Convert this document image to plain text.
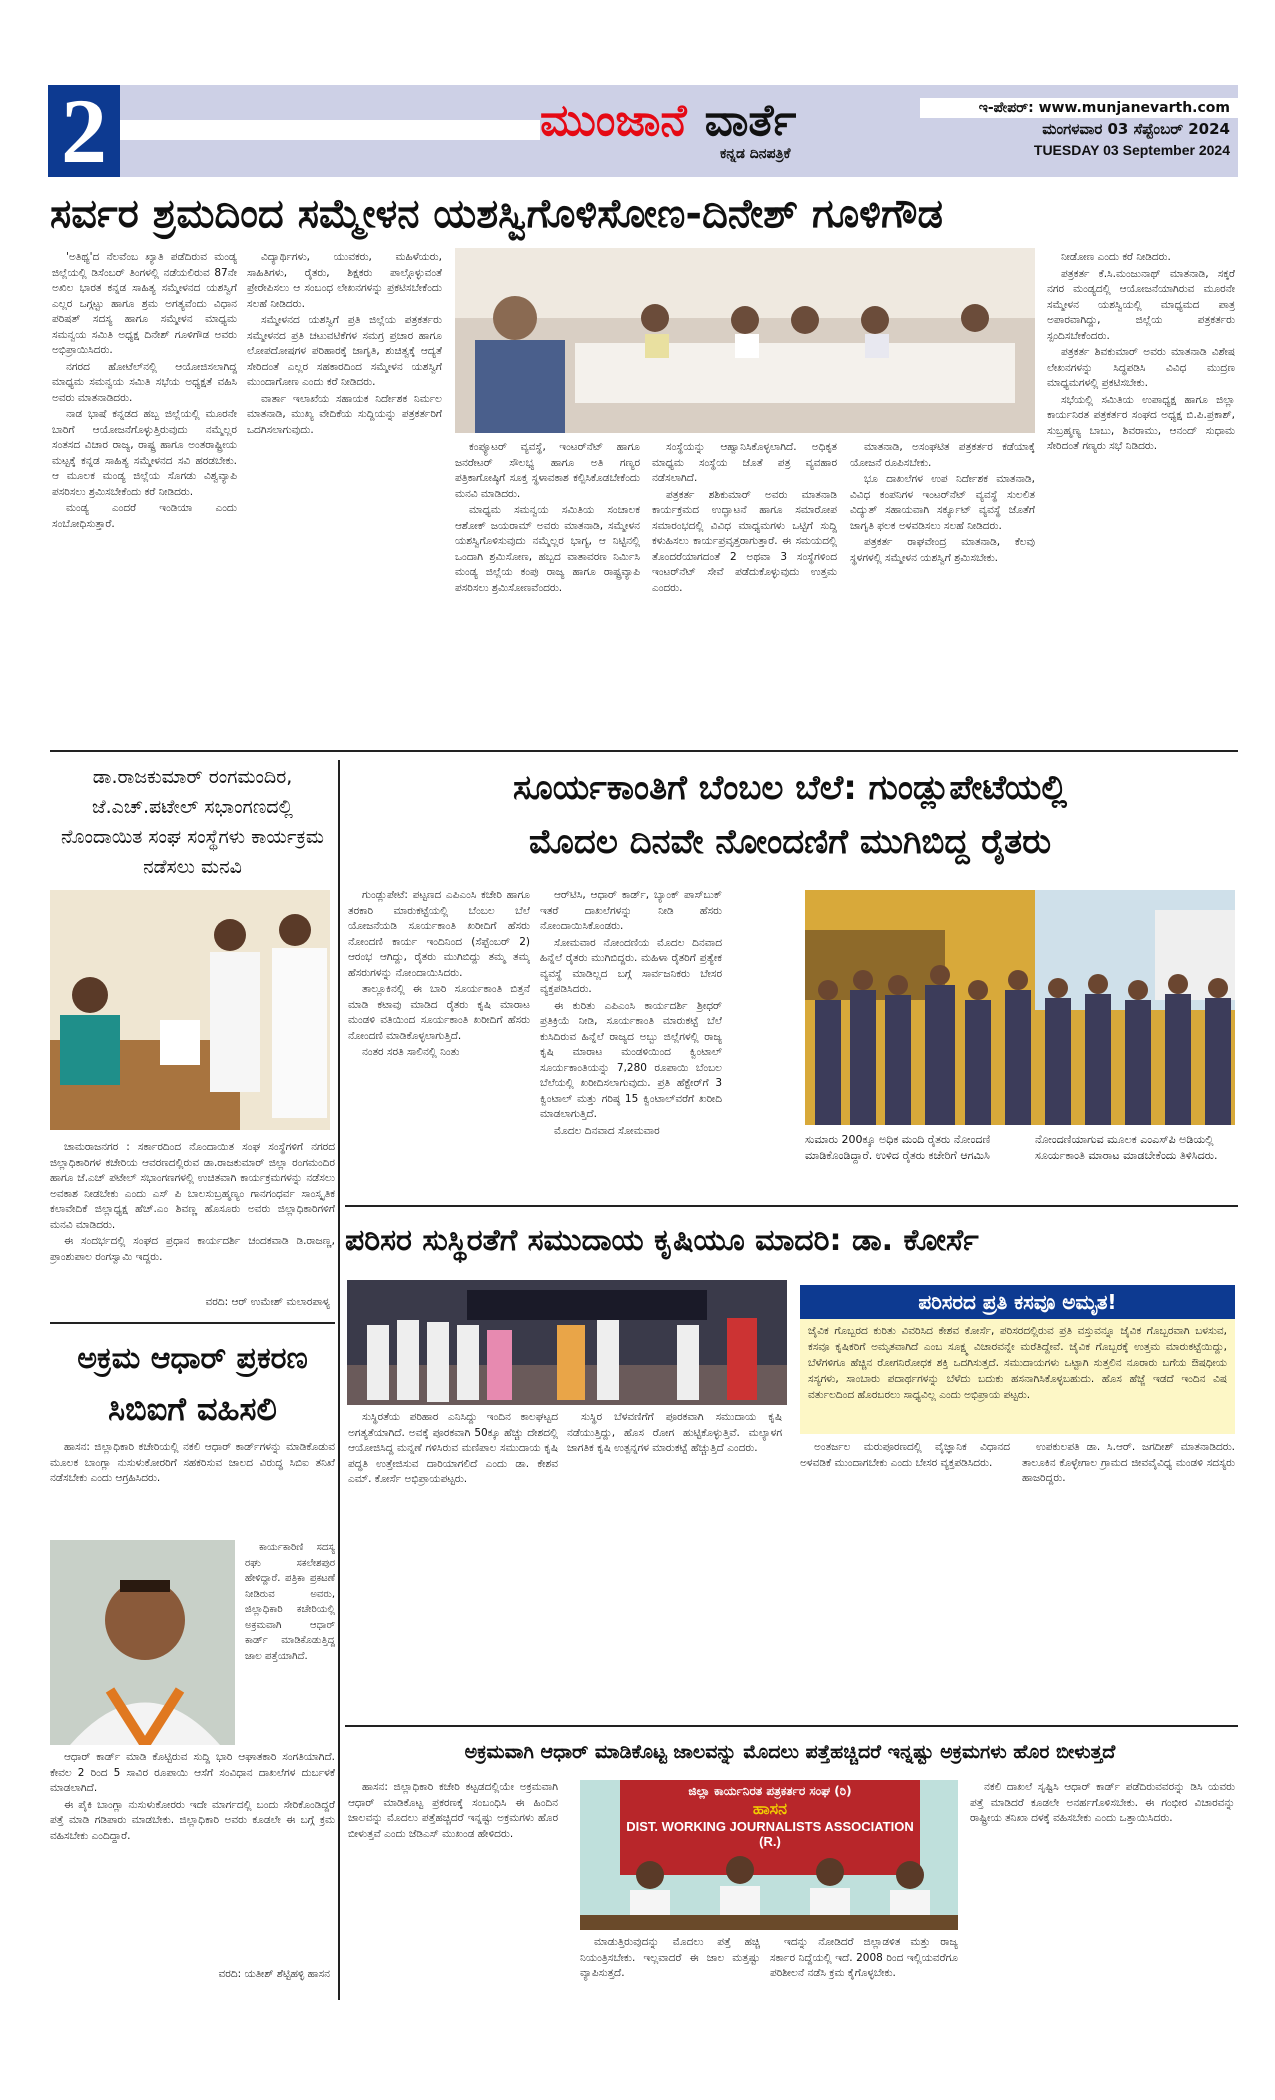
2	ಮುಂಜಾನೆ ವಾರ್ತೆ
ಕನ್ನಡ ದಿನಪತ್ರಿಕೆ
ಇ-ಪೇಪರ್: www.munjanevarth.com
ಮಂಗಳವಾರ 03 ಸೆಪ್ಟೆಂಬರ್ 2024
TUESDAY 03 September 2024
ಸರ್ವರ ಶ್ರಮದಿಂದ ಸಮ್ಮೇಳನ ಯಶಸ್ವಿಗೊಳಿಸೋಣ-ದಿನೇಶ್ ಗೂಳಿಗೌಡ

'ಅತಿಥ್ಯ'ದ ನೆಲವೆಂಬ ಖ್ಯಾತಿ ಪಡೆದಿರುವ ಮಂಡ್ಯ ಜಿಲ್ಲೆಯಲ್ಲಿ ಡಿಸೆಂಬರ್ ತಿಂಗಳಲ್ಲಿ ನಡೆಯಲಿರುವ 87ನೇ ಅಖಿಲ ಭಾರತ ಕನ್ನಡ ಸಾಹಿತ್ಯ ಸಮ್ಮೇಳನದ ಯಶಸ್ವಿಗೆ ಎಲ್ಲರ ಒಗ್ಗಟ್ಟು ಹಾಗೂ ಶ್ರಮ ಅಗತ್ಯವೆಂದು ವಿಧಾನ ಪರಿಷತ್ ಸದಸ್ಯ ಹಾಗೂ ಸಮ್ಮೇಳನ ಮಾಧ್ಯಮ ಸಮನ್ವಯ ಸಮಿತಿ ಅಧ್ಯಕ್ಷ ದಿನೇಶ್ ಗೂಳಿಗೌಡ ಅವರು ಅಭಿಪ್ರಾಯಿಸಿದರು.

ನಗರದ ಹೋಟೆಲ್‌ನಲ್ಲಿ ಆಯೋಜಿಸಲಾಗಿದ್ದ ಮಾಧ್ಯಮ ಸಮನ್ವಯ ಸಮಿತಿ ಸಭೆಯ ಅಧ್ಯಕ್ಷತೆ ವಹಿಸಿ ಅವರು ಮಾತನಾಡಿದರು.

ನಾಡ ಭಾಷೆ ಕನ್ನಡದ ಹಬ್ಬ ಜಿಲ್ಲೆಯಲ್ಲಿ ಮೂರನೇ ಬಾರಿಗೆ ಆಯೋಜನೆಗೊಳ್ಳುತ್ತಿರುವುದು ನಮ್ಮೆಲ್ಲರ ಸಂತಸದ ವಿಚಾರ ರಾಜ್ಯ, ರಾಷ್ಟ್ರ ಹಾಗೂ ಅಂತರಾಷ್ಟ್ರೀಯ ಮಟ್ಟಕ್ಕೆ ಕನ್ನಡ ಸಾಹಿತ್ಯ ಸಮ್ಮೇಳನದ ಸವಿ ಹರಡಬೇಕು. ಆ ಮೂಲಕ ಮಂಡ್ಯ ಜಿಲ್ಲೆಯ ಸೊಗಡು ವಿಶ್ವವ್ಯಾಪಿ ಪಸರಿಸಲು ಶ್ರಮಿಸಬೇಕೆಂದು ಕರೆ ನೀಡಿದರು.

ಮಂಡ್ಯ ಎಂದರೆ ಇಂಡಿಯಾ ಎಂದು ಸಂಬೋಧಿಸುತ್ತಾರೆ.

ವಿದ್ಯಾರ್ಥಿಗಳು, ಯುವಕರು, ಮಹಿಳೆಯರು, ಸಾಹಿತಿಗಳು, ರೈತರು, ಶಿಕ್ಷಕರು ಪಾಲ್ಗೊಳ್ಳುವಂತೆ ಪ್ರೇರೇಪಿಸಲು ಆ ಸಂಬಂಧ ಲೇಖನಗಳನ್ನು ಪ್ರಕಟಿಸಬೇಕೆಂದು ಸಲಹೆ ನೀಡಿದರು.

ಸಮ್ಮೇಳನದ ಯಶಸ್ವಿಗೆ ಪ್ರತಿ ಜಿಲ್ಲೆಯ ಪತ್ರಕರ್ತರು ಸಮ್ಮೇಳನದ ಪ್ರತಿ ಚಟುವಟಿಕೆಗಳ ಸಮಗ್ರ ಪ್ರಚಾರ ಹಾಗೂ ಲೋಪದೋಷಗಳ ಪರಿಹಾರಕ್ಕೆ ಜಾಗೃತಿ, ಶುಚಿತ್ವಕ್ಕೆ ಆದ್ಯತೆ ಸೇರಿದಂತೆ ಎಲ್ಲರ ಸಹಕಾರದಿಂದ ಸಮ್ಮೇಳನ ಯಶಸ್ವಿಗೆ ಮುಂದಾಗೋಣ ಎಂದು ಕರೆ ನೀಡಿದರು.

ವಾರ್ತಾ ಇಲಾಖೆಯ ಸಹಾಯಕ ನಿರ್ದೇಶಕ ನಿರ್ಮಲ ಮಾತನಾಡಿ, ಮುಖ್ಯ ವೇದಿಕೆಯ ಸುದ್ದಿಯನ್ನು ಪತ್ರಕರ್ತರಿಗೆ ಒದಗಿಸಲಾಗುವುದು.

ಕಂಪ್ಯೂಟರ್ ವ್ಯವಸ್ಥೆ, ಇಂಟರ್‌ನೆಟ್ ಹಾಗೂ ಜನರೇಟರ್ ಸೌಲಭ್ಯ ಹಾಗೂ ಅತಿ ಗಣ್ಯರ ಪತ್ರಿಕಾಗೋಷ್ಠಿಗೆ ಸೂಕ್ತ ಸ್ಥಳಾವಕಾಶ ಕಲ್ಪಿಸಿಕೊಡಬೇಕೆಂದು ಮನವಿ ಮಾಡಿದರು.

ಮಾಧ್ಯಮ ಸಮನ್ವಯ ಸಮಿತಿಯ ಸಂಚಾಲಕ ಆಶೋಕ್ ಜಯರಾಮ್ ಅವರು ಮಾತನಾಡಿ, ಸಮ್ಮೇಳನ ಯಶಸ್ವಿಗೊಳಿಸುವುದು ನಮ್ಮೆಲ್ಲರ ಭಾಗ್ಯ, ಆ ನಿಟ್ಟಿನಲ್ಲಿ ಒಂದಾಗಿ ಶ್ರಮಿಸೋಣ, ಹಬ್ಬದ ವಾತಾವರಣ ನಿರ್ಮಿಸಿ ಮಂಡ್ಯ ಜಿಲ್ಲೆಯ ಕಂಪು ರಾಜ್ಯ ಹಾಗೂ ರಾಷ್ಟ್ರವ್ಯಾಪಿ ಪಸರಿಸಲು ಶ್ರಮಿಸೋಣವೆಂದರು.

ಸಂಸ್ಥೆಯನ್ನು ಆಹ್ವಾನಿಸಿಕೊಳ್ಳಲಾಗಿದೆ. ಅಧಿಕೃತ ಮಾಧ್ಯಮ ಸಂಸ್ಥೆಯ ಜೊತೆ ಪತ್ರ ವ್ಯವಹಾರ ನಡೆಸಲಾಗಿದೆ.

ಪತ್ರಕರ್ತ ಶಶಿಕುಮಾರ್ ಅವರು ಮಾತನಾಡಿ ಕಾರ್ಯಕ್ರಮದ ಉದ್ಘಾಟನೆ ಹಾಗೂ ಸಮಾರೋಪ ಸಮಾರಂಭದಲ್ಲಿ ವಿವಿಧ ಮಾಧ್ಯಮಗಳು ಒಟ್ಟಿಗೆ ಸುದ್ದಿ ಕಳುಹಿಸಲು ಕಾರ್ಯಪ್ರವೃತ್ತರಾಗುತ್ತಾರೆ. ಈ ಸಮಯದಲ್ಲಿ ತೊಂದರೆಯಾಗದಂತೆ 2 ಅಥವಾ 3 ಸಂಸ್ಥೆಗಳಿಂದ ಇಂಟರ್‌ನೆಟ್ ಸೇವೆ ಪಡೆದುಕೊಳ್ಳುವುದು ಉತ್ತಮ ಎಂದರು.

ಮಾತನಾಡಿ, ಅಸಂಘಟಿತ ಪತ್ರಕರ್ತರ ಕಡೆಯಾಕ್ಕೆ ಯೋಜನೆ ರೂಪಿಸಬೇಕು.

ಭೂ ದಾಖಲೆಗಳ ಉಪ ನಿರ್ದೇಶಕ ಮಾತನಾಡಿ, ವಿವಿಧ ಕಂಪನಿಗಳ ಇಂಟರ್‌ನೆಟ್ ವ್ಯವಸ್ಥೆ ಸುಲಲಿತ ವಿದ್ಯುತ್ ಸಹಾಯವಾಗಿ ಸರ್ಕ್ಯೂಟ್ ವ್ಯವಸ್ಥೆ ಜೊತೆಗೆ ಜಾಗೃತಿ ಫಲಕ ಅಳವಡಿಸಲು ಸಲಹೆ ನೀಡಿದರು.

ಪತ್ರಕರ್ತ ರಾಘವೇಂದ್ರ ಮಾತನಾಡಿ, ಕೆಲವು ಸ್ಥಳಗಳಲ್ಲಿ ಸಮ್ಮೇಳನ ಯಶಸ್ವಿಗೆ ಶ್ರಮಿಸಬೇಕು.

ನೀಡೋಣ ಎಂದು ಕರೆ ನೀಡಿದರು.

ಪತ್ರಕರ್ತ ಕೆ.ಸಿ.ಮಂಜುನಾಥ್ ಮಾತನಾಡಿ, ಸಕ್ಕರೆ ನಗರ ಮಂಡ್ಯದಲ್ಲಿ ಆಯೋಜನೆಯಾಗಿರುವ ಮೂರನೇ ಸಮ್ಮೇಳನ ಯಶಸ್ವಿಯಲ್ಲಿ ಮಾಧ್ಯಮದ ಪಾತ್ರ ಅಪಾರವಾಗಿದ್ದು, ಜಿಲ್ಲೆಯ ಪತ್ರಕರ್ತರು ಸ್ಪಂದಿಸಬೇಕೆಂದರು.

ಪತ್ರಕರ್ತ ಶಿವಕುಮಾರ್ ಅವರು ಮಾತನಾಡಿ ವಿಶೇಷ ಲೇಖನಗಳನ್ನು ಸಿದ್ಧಪಡಿಸಿ ವಿವಿಧ ಮುದ್ರಣ ಮಾಧ್ಯಮಗಳಲ್ಲಿ ಪ್ರಕಟಿಸಬೇಕು.

ಸಭೆಯಲ್ಲಿ ಸಮಿತಿಯ ಉಪಾಧ್ಯಕ್ಷ ಹಾಗೂ ಜಿಲ್ಲಾ ಕಾರ್ಯನಿರತ ಪತ್ರಕರ್ತರ ಸಂಘದ ಅಧ್ಯಕ್ಷ ಬಿ.ಪಿ.ಪ್ರಕಾಶ್, ಸುಬ್ರಹ್ಮಣ್ಯ ಬಾಬು, ಶಿವರಾಮು, ಆನಂದ್ ಸುಧಾಮ ಸೇರಿದಂತೆ ಗಣ್ಯರು ಸಭೆ ನಿಡಿದರು.

ಡಾ.ರಾಜಕುಮಾರ್ ರಂಗಮಂದಿರ, ಜೆ.ಎಚ್.ಪಟೇಲ್ ಸಭಾಂಗಣದಲ್ಲಿ ನೊಂದಾಯಿತ ಸಂಘ ಸಂಸ್ಥೆಗಳು ಕಾರ್ಯಕ್ರಮ ನಡೆಸಲು ಮನವಿ

ಚಾಮರಾಜನಗರ : ಸರ್ಕಾರದಿಂದ ನೊಂದಾಯಿತ ಸಂಘ ಸಂಸ್ಥೆಗಳಿಗೆ ನಗರದ ಜಿಲ್ಲಾಧಿಕಾರಿಗಳ ಕಚೇರಿಯ ಆವರಣದಲ್ಲಿರುವ ಡಾ.ರಾಜಕುಮಾರ್ ಜಿಲ್ಲಾ ರಂಗಮಂದಿರ ಹಾಗೂ ಜೆ.ಎಚ್ ಪಟೇಲ್ ಸಭಾಂಗಣಗಳಲ್ಲಿ ಉಚಿತವಾಗಿ ಕಾರ್ಯಕ್ರಮಗಳನ್ನು ನಡೆಸಲು ಅವಕಾಶ ನೀಡಬೇಕು ಎಂದು ಎಸ್ ಪಿ ಬಾಲಸುಬ್ರಹ್ಮಣ್ಯಂ ಗಾನಗಂಧರ್ವ ಸಾಂಸ್ಕೃತಿಕ ಕಲಾವೇದಿಕೆ ಜಿಲ್ಲಾಧ್ಯಕ್ಷ ಹೆಚ್.ಎಂ ಶಿವಣ್ಣ ಹೊಸೂರು ಅವರು ಜಿಲ್ಲಾಧಿಕಾರಿಗಳಿಗೆ ಮನವಿ ಮಾಡಿದರು.

ಈ ಸಂದರ್ಭದಲ್ಲಿ ಸಂಘದ ಪ್ರಧಾನ ಕಾರ್ಯದರ್ಶಿ ಚಂದಕವಾಡಿ ಡಿ.ರಾಜಣ್ಣ, ಪ್ರಾಂಶುಪಾಲ ರಂಗಸ್ವಾಮಿ ಇದ್ದರು.

ವರದಿ: ಆರ್ ಉಮೇಶ್ ಮಲಾರಪಾಳ್ಯ
ಸೂರ್ಯಕಾಂತಿಗೆ ಬೆಂಬಲ ಬೆಲೆ: ಗುಂಡ್ಲುಪೇಟೆಯಲ್ಲಿ
ಮೊದಲ ದಿನವೇ ನೋಂದಣಿಗೆ ಮುಗಿಬಿದ್ದ ರೈತರು

ಗುಂಡ್ಲುಪೇಟೆ: ಪಟ್ಟಣದ ಎಪಿಎಂಸಿ ಕಚೇರಿ ಹಾಗೂ ತರಕಾರಿ ಮಾರುಕಟ್ಟೆಯಲ್ಲಿ ಬೆಂಬಲ ಬೆಲೆ ಯೋಜನೆಯಡಿ ಸೂರ್ಯಕಾಂತಿ ಖರೀದಿಗೆ ಹೆಸರು ನೋಂದಣಿ ಕಾರ್ಯ ಇಂದಿನಿಂದ (ಸೆಪ್ಟೆಂಬರ್ 2) ಆರಂಭ ಆಗಿದ್ದು, ರೈತರು ಮುಗಿಬಿದ್ದು ತಮ್ಮ ತಮ್ಮ ಹೆಸರುಗಳನ್ನು ನೋಂದಾಯಿಸಿದರು.

ತಾಲ್ಲೂಕಿನಲ್ಲಿ ಈ ಬಾರಿ ಸೂರ್ಯಕಾಂತಿ ಬಿತ್ತನೆ ಮಾಡಿ ಕಟಾವು ಮಾಡಿದ ರೈತರು ಕೃಷಿ ಮಾರಾಟ ಮಂಡಳಿ ವತಿಯಿಂದ ಸೂರ್ಯಕಾಂತಿ ಖರೀದಿಗೆ ಹೆಸರು ನೋಂದಣಿ ಮಾಡಿಕೊಳ್ಳಲಾಗುತ್ತಿದೆ.

ನಂತರ ಸರತಿ ಸಾಲಿನಲ್ಲಿ ನಿಂತು

ಆರ್‌ಟಿಸಿ, ಆಧಾರ್ ಕಾರ್ಡ್, ಬ್ಯಾಂಕ್ ಪಾಸ್‌ಬುಕ್ ಇತರೆ ದಾಖಲೆಗಳನ್ನು ನೀಡಿ ಹೆಸರು ನೋಂದಾಯಿಸಿಕೊಂಡರು.

ಸೋಮವಾರ ನೋಂದಣಿಯ ಮೊದಲ ದಿನವಾದ ಹಿನ್ನೆಲೆ ರೈತರು ಮುಗಿಬಿದ್ದರು. ಮಹಿಳಾ ರೈತರಿಗೆ ಪ್ರತ್ಯೇಕ ವ್ಯವಸ್ಥೆ ಮಾಡಿಲ್ಲದ ಬಗ್ಗೆ ಸಾರ್ವಜನಿಕರು ಬೇಸರ ವ್ಯಕ್ತಪಡಿಸಿದರು.

ಈ ಕುರಿತು ಎಪಿಎಂಸಿ ಕಾರ್ಯದರ್ಶಿ ಶ್ರೀಧರ್ ಪ್ರತಿಕ್ರಿಯೆ ನೀಡಿ, ಸೂರ್ಯಕಾಂತಿ ಮಾರುಕಟ್ಟೆ ಬೆಲೆ ಕುಸಿದಿರುವ ಹಿನ್ನೆಲೆ ರಾಜ್ಯದ ಅಬ್ಬು ಜಿಲ್ಲೆಗಳಲ್ಲಿ ರಾಜ್ಯ ಕೃಷಿ ಮಾರಾಟ ಮಂಡಳಿಯಿಂದ ಕ್ವಿಂಟಾಲ್ ಸೂರ್ಯಕಾಂತಿಯನ್ನು 7,280 ರೂಪಾಯಿ ಬೆಂಬಲ ಬೆಲೆಯಲ್ಲಿ ಖರೀದಿಸಲಾಗುವುದು. ಪ್ರತಿ ಹೆಕ್ಟೇರ್‌ಗೆ 3 ಕ್ವಿಂಟಾಲ್ ಮತ್ತು ಗರಿಷ್ಠ 15 ಕ್ವಿಂಟಾಲ್‌ವರೆಗೆ ಖರೀದಿ ಮಾಡಲಾಗುತ್ತಿದೆ.

ಮೊದಲ ದಿನವಾದ ಸೋಮವಾರ

ಸುಮಾರು 200ಕ್ಕೂ ಅಧಿಕ ಮಂದಿ ರೈತರು ನೋಂದಣಿ ಮಾಡಿಕೊಂಡಿದ್ದಾರೆ. ಉಳಿದ ರೈತರು ಕಚೇರಿಗೆ ಆಗಮಿಸಿ
ನೋಂದಣಿಯಾಗುವ ಮೂಲಕ ಎಂಎಸ್‌ಪಿ ಅಡಿಯಲ್ಲಿ ಸೂರ್ಯಕಾಂತಿ ಮಾರಾಟ ಮಾಡಬೇಕೆಂದು ತಿಳಿಸಿದರು.
ಪರಿಸರ ಸುಸ್ಥಿರತೆಗೆ ಸಮುದಾಯ ಕೃಷಿಯೂ ಮಾದರಿ: ಡಾ. ಕೋರ್ಸೆ
ಪರಿಸರದ ಪ್ರತಿ ಕಸವೂ ಅಮೃತ!
ಜೈವಿಕ ಗೊಬ್ಬರದ ಕುರಿತು ವಿವರಿಸಿದ ಕೇಶವ ಕೋರ್ಸೆ, ಪರಿಸರದಲ್ಲಿರುವ ಪ್ರತಿ ವಸ್ತುವನ್ನೂ ಜೈವಿಕ ಗೊಬ್ಬರವಾಗಿ ಬಳಸುವ, ಕಸವೂ ಕೃಷಿಕರಿಗೆ ಅಮೃತವಾಗಿದೆ ಎಂಬ ಸೂಕ್ಷ್ಮ ವಿಚಾರವನ್ನೇ ಮರೆತಿದ್ದೇವೆ. ಜೈವಿಕ ಗೊಬ್ಬರಕ್ಕೆ ಉತ್ತಮ ಮಾರುಕಟ್ಟೆಯಿದ್ದು, ಬೆಳೆಗಳಿಗೂ ಹೆಚ್ಚಿನ ರೋಗನಿರೋಧಕ ಶಕ್ತಿ ಒದಗಿಸುತ್ತದೆ. ಸಮುದಾಯಗಳು ಒಟ್ಟಾಗಿ ಸುತ್ತಲಿನ ನೂರಾರು ಬಗೆಯ ಔಷಧೀಯ ಸಸ್ಯಗಳು, ಸಾಂಬಾರು ಪದಾರ್ಥಗಳನ್ನು ಬೆಳೆದು ಬದುಕು ಹಸನಾಗಿಸಿಕೊಳ್ಳಬಹುದು. ಹೊಸ ಹೆಜ್ಜೆ ಇಡದೆ ಇಂದಿನ ವಿಷ ವರ್ತುಲದಿಂದ ಹೊರಬರಲು ಸಾಧ್ಯವಿಲ್ಲ ಎಂದು ಅಭಿಪ್ರಾಯ ಪಟ್ಟರು.

ಸುಸ್ಥಿರತೆಯ ಪರಿಹಾರ ಎನಿಸಿದ್ದು ಇಂದಿನ ಕಾಲಘಟ್ಟದ ಅಗತ್ಯತೆಯಾಗಿದೆ. ಅವಕ್ಕೆ ಪೂರಕವಾಗಿ 50ಕ್ಕೂ ಹೆಚ್ಚು ದೇಶದಲ್ಲಿ ಆಯೋಜಿಸಿದ್ದ ಮನ್ನಣೆ ಗಳಿಸಿರುವ ಮಣಿಪಾಲ ಸಮುದಾಯ ಕೃಷಿ ಪದ್ಧತಿ ಉತ್ತೇಜಿಸುವ ದಾರಿಯಾಗಲಿದೆ ಎಂದು ಡಾ. ಕೇಶವ ಎಮ್. ಕೋರ್ಸೆ ಅಭಿಪ್ರಾಯಪಟ್ಟರು.

ಸುಸ್ಥಿರ ಬೆಳವಣಿಗೆಗೆ ಪೂರಕವಾಗಿ ಸಮುದಾಯ ಕೃಷಿ ನಡೆಯುತ್ತಿದ್ದು, ಹೊಸ ರೋಗ ಹುಟ್ಟಿಕೊಳ್ಳುತ್ತಿವೆ. ಮಲ್ಯಾಳಗ ಜಾಗತಿಕ ಕೃಷಿ ಉತ್ಪನ್ನಗಳ ಮಾರುಕಟ್ಟೆ ಹೆಚ್ಚುತ್ತಿದೆ ಎಂದರು.	ಅಂತರ್ಜಲ ಮರುಪೂರಣದಲ್ಲಿ ವೈಜ್ಞಾನಿಕ ವಿಧಾನದ ಅಳವಡಿಕೆ ಮುಂದಾಗಬೇಕು ಎಂದು ಬೇಸರ ವ್ಯಕ್ತಪಡಿಸಿದರು.

ಉಪಕುಲಪತಿ ಡಾ. ಸಿ.ಆರ್. ಜಗದೀಶ್ ಮಾತನಾಡಿದರು. ತಾಲೂಕಿನ ಕೊಳ್ಳೇಗಾಲ ಗ್ರಾಮದ ಜೀವವೈವಿಧ್ಯ ಮಂಡಳಿ ಸದಸ್ಯರು ಹಾಜರಿದ್ದರು.

ಅಕ್ರಮ ಆಧಾರ್ ಪ್ರಕರಣ
ಸಿಬಿಐಗೆ ವಹಿಸಲಿ

ಹಾಸನ: ಜಿಲ್ಲಾಧಿಕಾರಿ ಕಚೇರಿಯಲ್ಲಿ ನಕಲಿ ಆಧಾರ್ ಕಾರ್ಡ್‌ಗಳನ್ನು ಮಾಡಿಕೊಡುವ ಮೂಲಕ ಬಾಂಗ್ಲಾ ನುಸುಳುಕೋರರಿಗೆ ಸಹಕರಿಸುವ ಜಾಲದ ವಿರುದ್ಧ ಸಿಬಿಐ ತನಿಖೆ ನಡೆಸಬೇಕು ಎಂದು ಆಗ್ರಹಿಸಿದರು.

ಕಾರ್ಯಕಾರಿಣಿ ಸದಸ್ಯ ರಘು ಸಕಲೇಶಪುರ ಹೇಳಿದ್ದಾರೆ. ಪತ್ರಿಕಾ ಪ್ರಕಟಣೆ ನೀಡಿರುವ ಅವರು, ಜಿಲ್ಲಾಧಿಕಾರಿ ಕಚೇರಿಯಲ್ಲಿ ಅಕ್ರಮವಾಗಿ ಆಧಾರ್ ಕಾರ್ಡ್ ಮಾಡಿಕೊಡುತ್ತಿದ್ದ ಜಾಲ ಪತ್ತೆಯಾಗಿದೆ.

ಆಧಾರ್ ಕಾರ್ಡ್ ಮಾಡಿ ಕೊಟ್ಟಿರುವ ಸುದ್ದಿ ಭಾರಿ ಆಘಾತಕಾರಿ ಸಂಗತಿಯಾಗಿದೆ. ಕೇವಲ 2 ರಿಂದ 5 ಸಾವಿರ ರೂಪಾಯಿ ಆಸೆಗೆ ಸಂವಿಧಾನ ದಾಖಲೆಗಳ ದುರ್ಬಳಕೆ ಮಾಡಲಾಗಿದೆ.

ಈ ಪೈಕಿ ಬಾಂಗ್ಲಾ ನುಸುಳುಕೋರರು ಇದೇ ಮಾರ್ಗದಲ್ಲಿ ಬಂದು ಸೇರಿಕೊಂಡಿದ್ದರೆ ಪತ್ತೆ ಮಾಡಿ ಗಡಿಪಾರು ಮಾಡಬೇಕು. ಜಿಲ್ಲಾಧಿಕಾರಿ ಅವರು ಕೂಡಲೇ ಈ ಬಗ್ಗೆ ಕ್ರಮ ವಹಿಸಬೇಕು ಎಂದಿದ್ದಾರೆ.

ವರದಿ: ಯತೀಶ್ ಶೆಟ್ಟಿಹಳ್ಳಿ ಹಾಸನ
ಅಕ್ರಮವಾಗಿ ಆಧಾರ್ ಮಾಡಿಕೊಟ್ಟ ಜಾಲವನ್ನು ಮೊದಲು ಪತ್ತೆಹಚ್ಚಿದರೆ ಇನ್ನಷ್ಟು ಅಕ್ರಮಗಳು ಹೊರ ಬೀಳುತ್ತದೆ

ಹಾಸನ: ಜಿಲ್ಲಾಧಿಕಾರಿ ಕಚೇರಿ ಕಟ್ಟಡದಲ್ಲಿಯೇ ಅಕ್ರಮವಾಗಿ ಆಧಾರ್ ಮಾಡಿಕೊಟ್ಟ ಪ್ರಕರಣಕ್ಕೆ ಸಂಬಂಧಿಸಿ ಈ ಹಿಂದಿನ ಜಾಲವನ್ನು ಮೊದಲು ಪತ್ತೆಹಚ್ಚಿದರೆ ಇನ್ನಷ್ಟು ಅಕ್ರಮಗಳು ಹೊರ ಬೀಳುತ್ತವೆ ಎಂದು ಜೆಡಿಎಸ್ ಮುಖಂಡ ಹೇಳಿದರು.

ಜಿಲ್ಲಾ ಕಾರ್ಯನಿರತ ಪತ್ರಕರ್ತರ ಸಂಘ (ರಿ)
ಹಾಸನ
DIST. WORKING JOURNALISTS ASSOCIATION (R.)

ಮಾಡುತ್ತಿರುವುದನ್ನು ಮೊದಲು ಪತ್ತೆ ಹಚ್ಚಿ ನಿಯಂತ್ರಿಸಬೇಕು. ಇಲ್ಲವಾದರೆ ಈ ಜಾಲ ಮತ್ತಷ್ಟು ವ್ಯಾಪಿಸುತ್ತದೆ.

ಇದನ್ನು ನೋಡಿದರೆ ಜಿಲ್ಲಾಡಳಿತ ಮತ್ತು ರಾಜ್ಯ ಸರ್ಕಾರ ನಿದ್ದೆಯಲ್ಲಿ ಇದೆ. 2008 ರಿಂದ ಇಲ್ಲಿಯವರೆಗೂ ಪರಿಶೀಲನೆ ನಡೆಸಿ ಕ್ರಮ ಕೈಗೊಳ್ಳಬೇಕು.

ನಕಲಿ ದಾಖಲೆ ಸೃಷ್ಟಿಸಿ ಆಧಾರ್ ಕಾರ್ಡ್ ಪಡೆದಿರುವವರನ್ನು ಡಿಸಿ ಯವರು ಪತ್ತೆ ಮಾಡಿದರೆ ಕೂಡಲೇ ಅನರ್ಹಗೊಳಿಸಬೇಕು. ಈ ಗಂಭೀರ ವಿಚಾರವನ್ನು ರಾಷ್ಟ್ರೀಯ ತನಿಖಾ ದಳಕ್ಕೆ ವಹಿಸಬೇಕು ಎಂದು ಒತ್ತಾಯಿಸಿದರು.
